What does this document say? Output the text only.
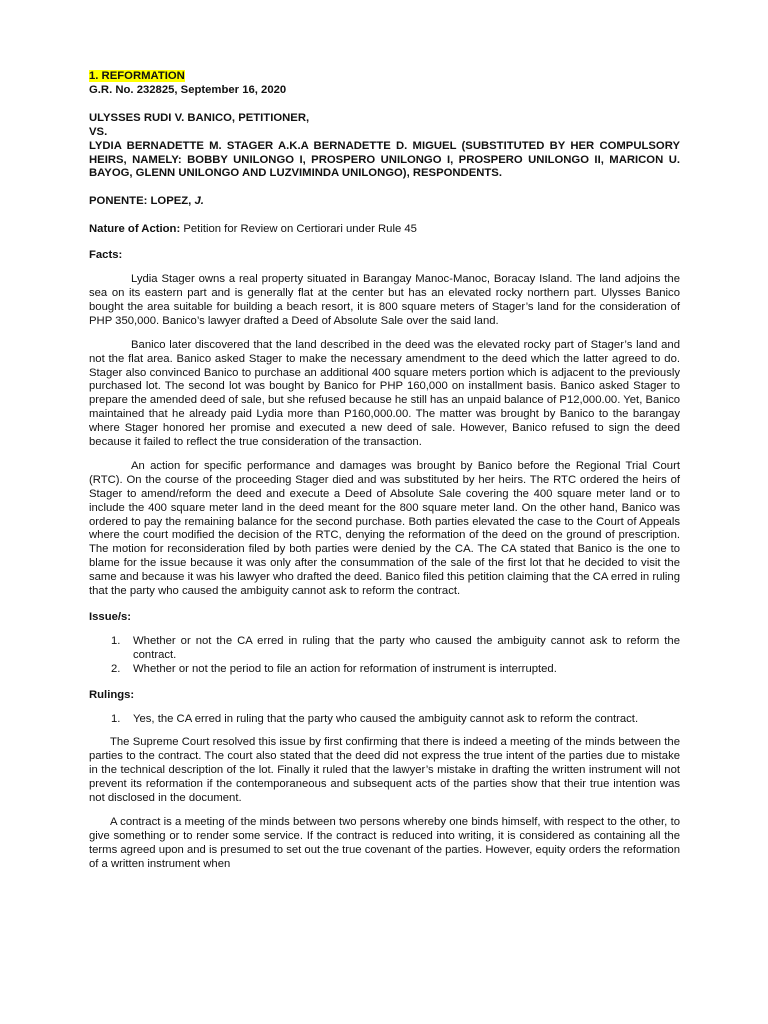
1. REFORMATION

G.R. No. 232825, September 16, 2020

ULYSSES RUDI V. BANICO, PETITIONER,

VS.

LYDIA BERNADETTE M. STAGER A.K.A BERNADETTE D. MIGUEL (SUBSTITUTED BY HER COMPULSORY HEIRS, NAMELY: BOBBY UNILONGO I, PROSPERO UNILONGO I, PROSPERO UNILONGO II, MARICON U. BAYOG, GLENN UNILONGO AND LUZVIMINDA UNILONGO), RESPONDENTS.

PONENTE: LOPEZ, J.

Nature of Action: Petition for Review on Certiorari under Rule 45

Facts:

Lydia Stager owns a real property situated in Barangay Manoc-Manoc, Boracay Island. The land adjoins the sea on its eastern part and is generally flat at the center but has an elevated rocky northern part. Ulysses Banico bought the area suitable for building a beach resort, it is 800 square meters of Stager’s land for the consideration of PHP 350,000. Banico’s lawyer drafted a Deed of Absolute Sale over the said land.

Banico later discovered that the land described in the deed was the elevated rocky part of Stager’s land and not the flat area. Banico asked Stager to make the necessary amendment to the deed which the latter agreed to do. Stager also convinced Banico to purchase an additional 400 square meters portion which is adjacent to the previously purchased lot. The second lot was bought by Banico for PHP 160,000 on installment basis. Banico asked Stager to prepare the amended deed of sale, but she refused because he still has an unpaid balance of P12,000.00. Yet, Banico maintained that he already paid Lydia more than P160,000.00. The matter was brought by Banico to the barangay where Stager honored her promise and executed a new deed of sale. However, Banico refused to sign the deed because it failed to reflect the true consideration of the transaction.

An action for specific performance and damages was brought by Banico before the Regional Trial Court (RTC). On the course of the proceeding Stager died and was substituted by her heirs. The RTC ordered the heirs of Stager to amend/reform the deed and execute a Deed of Absolute Sale covering the 400 square meter land or to include the 400 square meter land in the deed meant for the 800 square meter land. On the other hand, Banico was ordered to pay the remaining balance for the second purchase. Both parties elevated the case to the Court of Appeals where the court modified the decision of the RTC, denying the reformation of the deed on the ground of prescription. The motion for reconsideration filed by both parties were denied by the CA. The CA stated that Banico is the one to blame for the issue because it was only after the consummation of the sale of the first lot that he decided to visit the same and because it was his lawyer who drafted the deed. Banico filed this petition claiming that the CA erred in ruling that the party who caused the ambiguity cannot ask to reform the contract.

Issue/s:

1. Whether or not the CA erred in ruling that the party who caused the ambiguity cannot ask to reform the contract.
2. Whether or not the period to file an action for reformation of instrument is interrupted.

Rulings:

1. Yes, the CA erred in ruling that the party who caused the ambiguity cannot ask to reform the contract.

The Supreme Court resolved this issue by first confirming that there is indeed a meeting of the minds between the parties to the contract. The court also stated that the deed did not express the true intent of the parties due to mistake in the technical description of the lot. Finally it ruled that the lawyer’s mistake in drafting the written instrument will not prevent its reformation if the contemporaneous and subsequent acts of the parties show that their true intention was not disclosed in the document.

A contract is a meeting of the minds between two persons whereby one binds himself, with respect to the other, to give something or to render some service. If the contract is reduced into writing, it is considered as containing all the terms agreed upon and is presumed to set out the true covenant of the parties. However, equity orders the reformation of a written instrument when
